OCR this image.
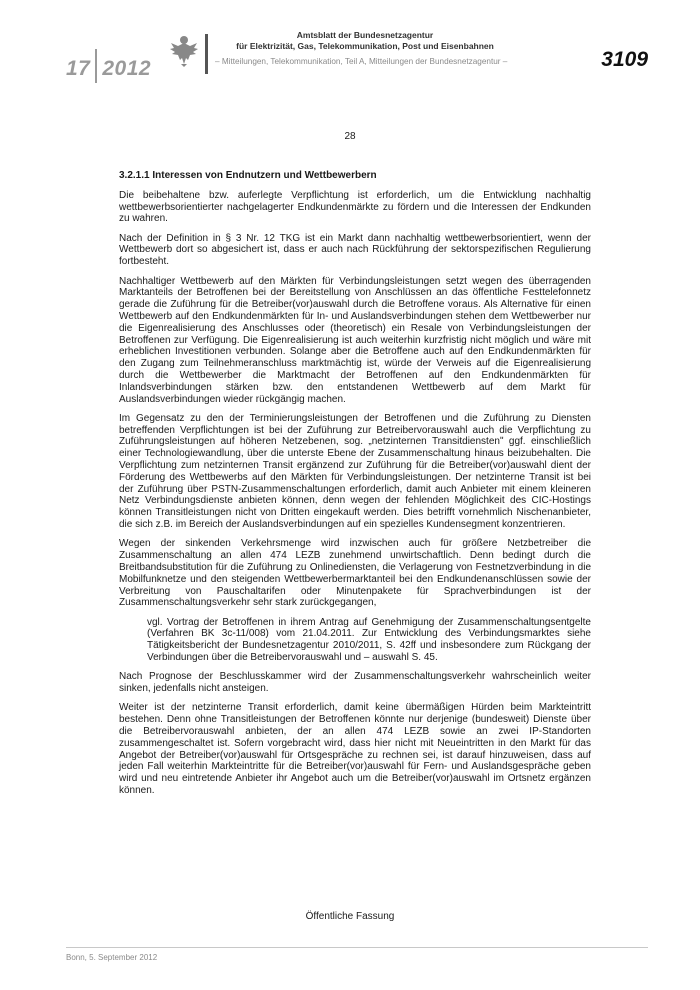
17 2012
Amtsblatt der Bundesnetzagentur
für Elektrizität, Gas, Telekommunikation, Post und Eisenbahnen
– Mitteilungen, Telekommunikation, Teil A, Mitteilungen der Bundesnetzagentur –	3109
28
3.2.1.1 Interessen von Endnutzern und Wettbewerbern

Die beibehaltene bzw. auferlegte Verpflichtung ist erforderlich, um die Entwicklung nachhaltig wettbewerbsorientierter nachgelagerter Endkundenmärkte zu fördern und die Interessen der Endkunden zu wahren.

Nach der Definition in § 3 Nr. 12 TKG ist ein Markt dann nachhaltig wettbewerbsorientiert, wenn der Wettbewerb dort so abgesichert ist, dass er auch nach Rückführung der sektorspezifischen Regulierung fortbesteht.

Nachhaltiger Wettbewerb auf den Märkten für Verbindungsleistungen setzt wegen des überragenden Marktanteils der Betroffenen bei der Bereitstellung von Anschlüssen an das öffentliche Festtelefonnetz gerade die Zuführung für die Betreiber(vor)auswahl durch die Betroffene voraus. Als Alternative für einen Wettbewerb auf den Endkundenmärkten für In- und Auslandsverbindungen stehen dem Wettbewerber nur die Eigenrealisierung des Anschlusses oder (theoretisch) ein Resale von Verbindungsleistungen der Betroffenen zur Verfügung. Die Eigenrealisierung ist auch weiterhin kurzfristig nicht möglich und wäre mit erheblichen Investitionen verbunden. Solange aber die Betroffene auch auf den Endkundenmärkten für den Zugang zum Teilnehmeranschluss marktmächtig ist, würde der Verweis auf die Eigenrealisierung durch die Wettbewerber die Marktmacht der Betroffenen auf den Endkundenmärkten für Inlandsverbindungen stärken bzw. den entstandenen Wettbewerb auf dem Markt für Auslandsverbindungen wieder rückgängig machen.

Im Gegensatz zu den der Terminierungsleistungen der Betroffenen und die Zuführung zu Diensten betreffenden Verpflichtungen ist bei der Zuführung zur Betreibervorauswahl auch die Verpflichtung zu Zuführungsleistungen auf höheren Netzebenen, sog. „netzinternen Transitdienstenʺ ggf. einschließlich einer Technologiewandlung, über die unterste Ebene der Zusammenschaltung hinaus beizubehalten. Die Verpflichtung zum netzinternen Transit ergänzend zur Zuführung für die Betreiber(vor)auswahl dient der Förderung des Wettbewerbs auf den Märkten für Verbindungsleistungen. Der netzinterne Transit ist bei der Zuführung über PSTN-Zusammenschaltungen erforderlich, damit auch Anbieter mit einem kleineren Netz Verbindungsdienste anbieten können, denn wegen der fehlenden Möglichkeit des CIC-Hostings können Transitleistungen nicht von Dritten eingekauft werden. Dies betrifft vornehmlich Nischenanbieter, die sich z.B. im Bereich der Auslandsverbindungen auf ein spezielles Kundensegment konzentrieren.

Wegen der sinkenden Verkehrsmenge wird inzwischen auch für größere Netzbetreiber die Zusammenschaltung an allen 474 LEZB zunehmend unwirtschaftlich. Denn bedingt durch die Breitbandsubstitution für die Zuführung zu Onlinediensten, die Verlagerung von Festnetzverbindung in die Mobilfunknetze und den steigenden Wettbewerbermarktanteil bei den Endkundenanschlüssen sowie der Verbreitung von Pauschaltarifen oder Minutenpakete für Sprachverbindungen ist der Zusammenschaltungsverkehr sehr stark zurückgegangen,

vgl. Vortrag der Betroffenen in ihrem Antrag auf Genehmigung der Zusammenschaltungsentgelte (Verfahren BK 3c-11/008) vom 21.04.2011. Zur Entwicklung des Verbindungsmarktes siehe Tätigkeitsbericht der Bundesnetzagentur 2010/2011, S. 42ff und insbesondere zum Rückgang der Verbindungen über die Betreibervorauswahl und – auswahl S. 45.

Nach Prognose der Beschlusskammer wird der Zusammenschaltungsverkehr wahrscheinlich weiter sinken, jedenfalls nicht ansteigen.

Weiter ist der netzinterne Transit erforderlich, damit keine übermäßigen Hürden beim Markteintritt bestehen. Denn ohne Transitleistungen der Betroffenen könnte nur derjenige (bundesweit) Dienste über die Betreibervorauswahl anbieten, der an allen 474 LEZB sowie an zwei IP-Standorten zusammengeschaltet ist. Sofern vorgebracht wird, dass hier nicht mit Neueintritten in den Markt für das Angebot der Betreiber(vor)auswahl für Ortsgespräche zu rechnen sei, ist darauf hinzuweisen, dass auf jeden Fall weiterhin Markteintritte für die Betreiber(vor)auswahl für Fern- und Auslandsgespräche geben wird und neu eintretende Anbieter ihr Angebot auch um die Betreiber(vor)auswahl im Ortsnetz ergänzen können.

Öffentliche Fassung
Bonn, 5. September 2012
